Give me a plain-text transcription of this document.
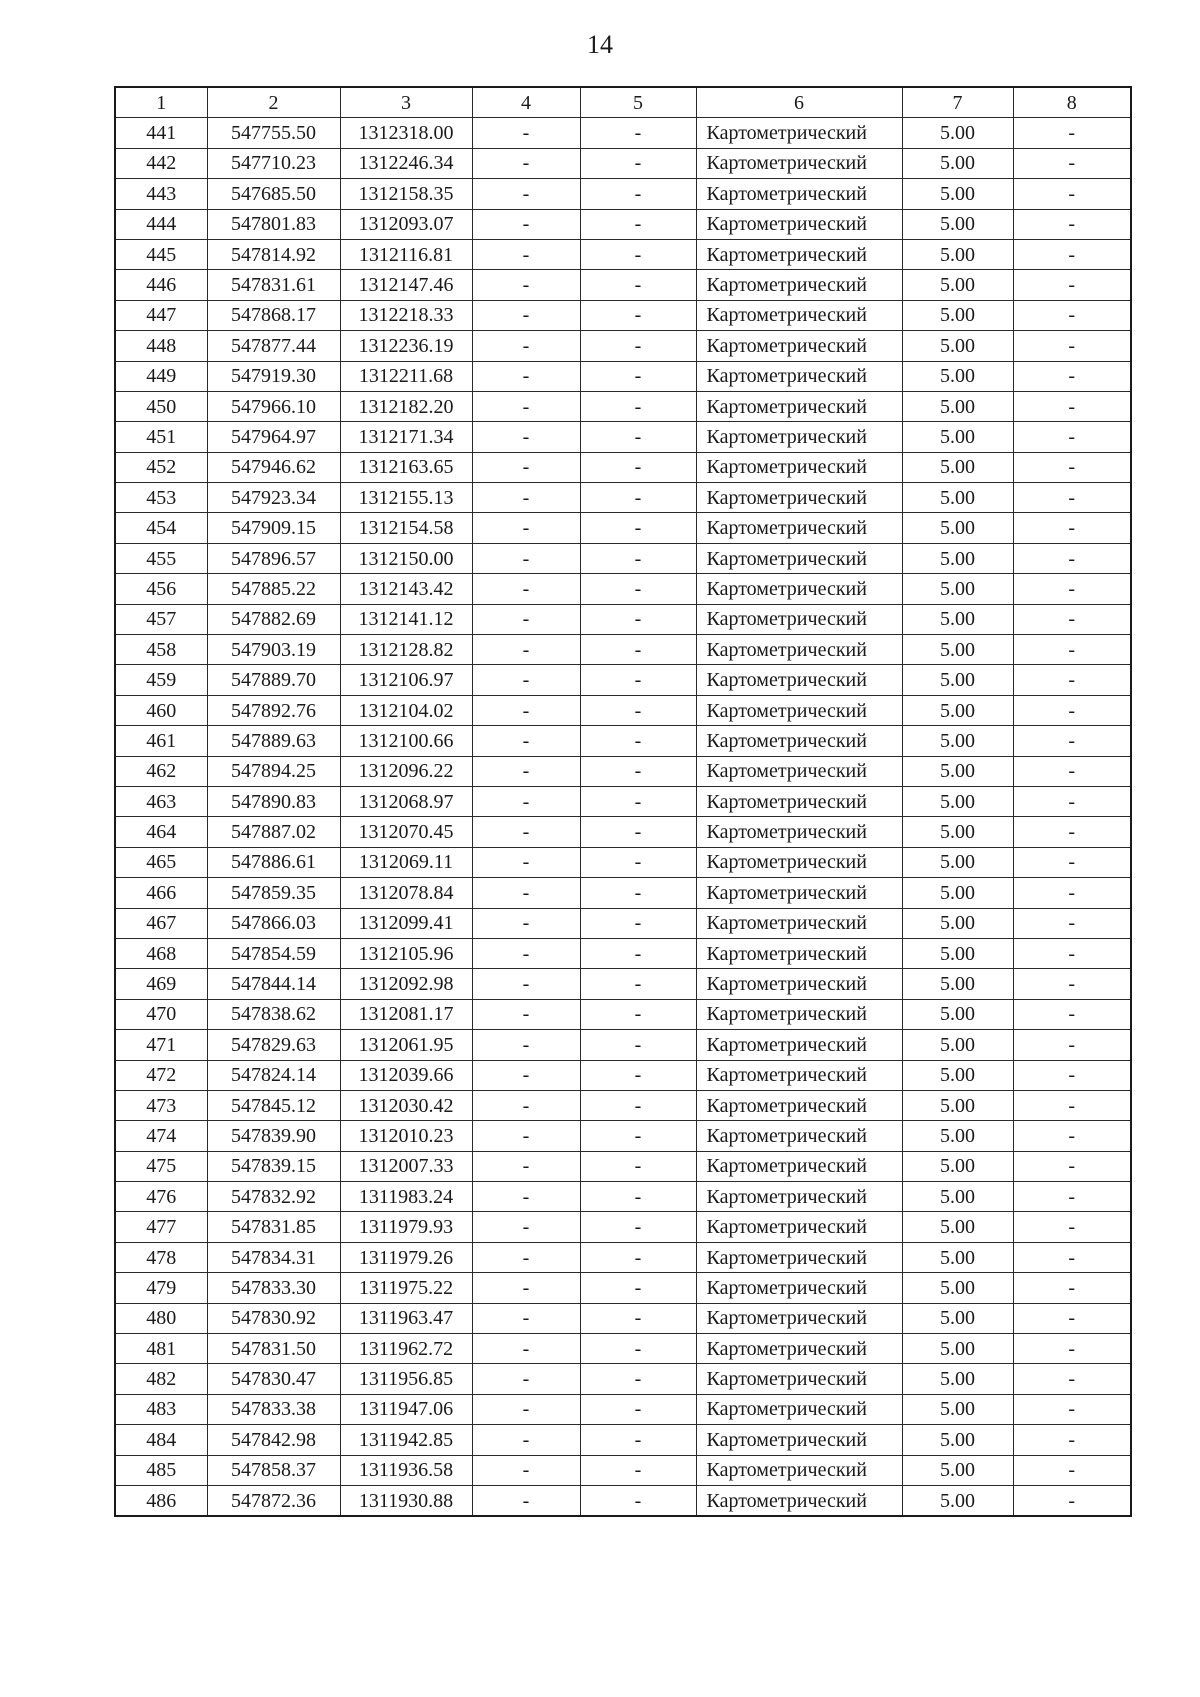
14
1	2	3	4	5	6	7	8
441	547755.50	1312318.00	-	-	Картометрический	5.00	-
442	547710.23	1312246.34	-	-	Картометрический	5.00	-
443	547685.50	1312158.35	-	-	Картометрический	5.00	-
444	547801.83	1312093.07	-	-	Картометрический	5.00	-
445	547814.92	1312116.81	-	-	Картометрический	5.00	-
446	547831.61	1312147.46	-	-	Картометрический	5.00	-
447	547868.17	1312218.33	-	-	Картометрический	5.00	-
448	547877.44	1312236.19	-	-	Картометрический	5.00	-
449	547919.30	1312211.68	-	-	Картометрический	5.00	-
450	547966.10	1312182.20	-	-	Картометрический	5.00	-
451	547964.97	1312171.34	-	-	Картометрический	5.00	-
452	547946.62	1312163.65	-	-	Картометрический	5.00	-
453	547923.34	1312155.13	-	-	Картометрический	5.00	-
454	547909.15	1312154.58	-	-	Картометрический	5.00	-
455	547896.57	1312150.00	-	-	Картометрический	5.00	-
456	547885.22	1312143.42	-	-	Картометрический	5.00	-
457	547882.69	1312141.12	-	-	Картометрический	5.00	-
458	547903.19	1312128.82	-	-	Картометрический	5.00	-
459	547889.70	1312106.97	-	-	Картометрический	5.00	-
460	547892.76	1312104.02	-	-	Картометрический	5.00	-
461	547889.63	1312100.66	-	-	Картометрический	5.00	-
462	547894.25	1312096.22	-	-	Картометрический	5.00	-
463	547890.83	1312068.97	-	-	Картометрический	5.00	-
464	547887.02	1312070.45	-	-	Картометрический	5.00	-
465	547886.61	1312069.11	-	-	Картометрический	5.00	-
466	547859.35	1312078.84	-	-	Картометрический	5.00	-
467	547866.03	1312099.41	-	-	Картометрический	5.00	-
468	547854.59	1312105.96	-	-	Картометрический	5.00	-
469	547844.14	1312092.98	-	-	Картометрический	5.00	-
470	547838.62	1312081.17	-	-	Картометрический	5.00	-
471	547829.63	1312061.95	-	-	Картометрический	5.00	-
472	547824.14	1312039.66	-	-	Картометрический	5.00	-
473	547845.12	1312030.42	-	-	Картометрический	5.00	-
474	547839.90	1312010.23	-	-	Картометрический	5.00	-
475	547839.15	1312007.33	-	-	Картометрический	5.00	-
476	547832.92	1311983.24	-	-	Картометрический	5.00	-
477	547831.85	1311979.93	-	-	Картометрический	5.00	-
478	547834.31	1311979.26	-	-	Картометрический	5.00	-
479	547833.30	1311975.22	-	-	Картометрический	5.00	-
480	547830.92	1311963.47	-	-	Картометрический	5.00	-
481	547831.50	1311962.72	-	-	Картометрический	5.00	-
482	547830.47	1311956.85	-	-	Картометрический	5.00	-
483	547833.38	1311947.06	-	-	Картометрический	5.00	-
484	547842.98	1311942.85	-	-	Картометрический	5.00	-
485	547858.37	1311936.58	-	-	Картометрический	5.00	-
486	547872.36	1311930.88	-	-	Картометрический	5.00	-
